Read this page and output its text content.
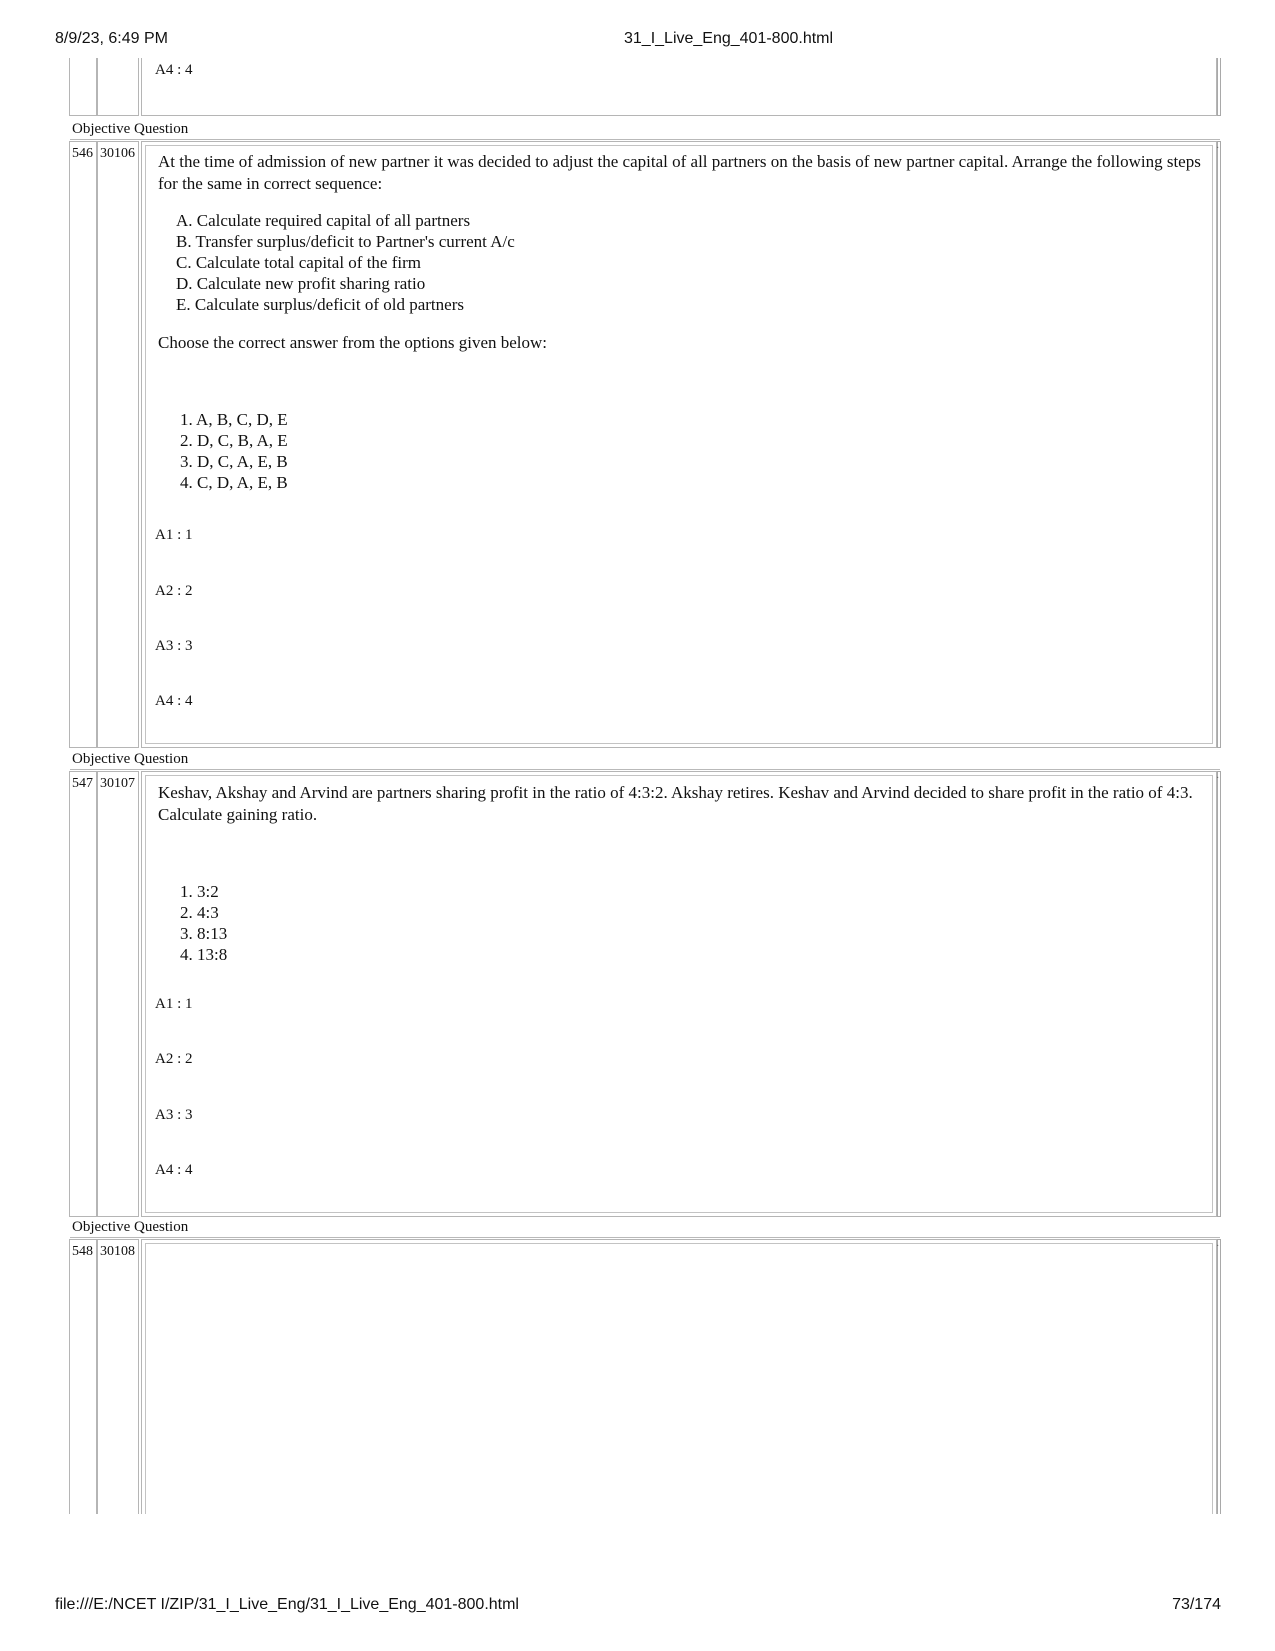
8/9/23, 6:49 PM	31_I_Live_Eng_401-800.html
file:///E:/NCET I/ZIP/31_I_Live_Eng/31_I_Live_Eng_401-800.html	73/174
A4 : 4
Objective Question
546 30106	·
At the time of admission of new partner it was decided to adjust the capital of all partners on the basis of new partner capital. Arrange the following steps for the same in correct sequence:
A. Calculate required capital of all partners
B. Transfer surplus/deficit to Partner's current A/c
C. Calculate total capital of the firm
D. Calculate new profit sharing ratio
E. Calculate surplus/deficit of old partners
Choose the correct answer from the options given below:
1. A, B, C, D, E
2. D, C, B, A, E
3. D, C, A, E, B
4. C, D, A, E, B
A1 : 1
A2 : 2
A3 : 3
A4 : 4
Objective Question
547 30107	·
Keshav, Akshay and Arvind are partners sharing profit in the ratio of 4:3:2. Akshay retires. Keshav and Arvind decided to share profit in the ratio of 4:3. Calculate gaining ratio.
1. 3:2
2. 4:3
3. 8:13
4. 13:8
A1 : 1
A2 : 2
A3 : 3
A4 : 4
Objective Question
548 30108	·
